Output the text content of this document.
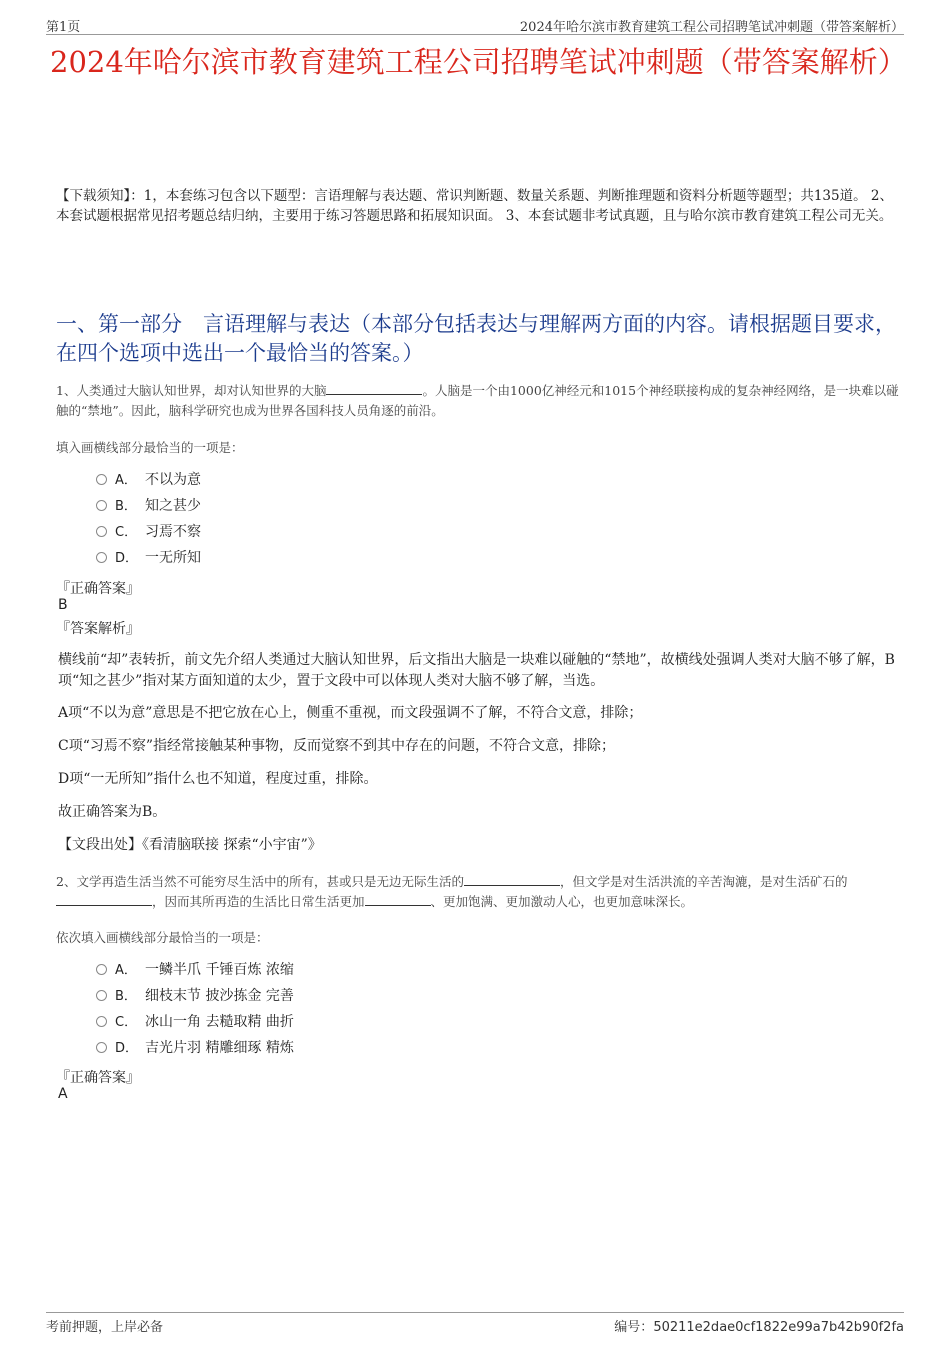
第1页	2024年哈尔滨市教育建筑工程公司招聘笔试冲刺题（带答案解析）
2024年哈尔滨市教育建筑工程公司招聘笔试冲刺题（带答案解析）
【下载须知】：1，本套练习包含以下题型：言语理解与表达题、常识判断题、数量关系题、判断推理题和资料分析题等题型；共135道。 2、本套试题根据常见招考题总结归纳，主要用于练习答题思路和拓展知识面。 3、本套试题非考试真题，且与哈尔滨市教育建筑工程公司无关。
一、第一部分　言语理解与表达（本部分包括表达与理解两方面的内容。请根据题目要求，在四个选项中选出一个最恰当的答案。）
1、人类通过大脑认知世界，却对认知世界的大脑	。人脑是一个由1000亿神经元和1015个神经联接构成的复杂神经网络，是一块难以碰触的“禁地”。因此，脑科学研究也成为世界各国科技人员角逐的前沿。
填入画横线部分最恰当的一项是：
A． 不以为意
B． 知之甚少
C． 习焉不察
D． 一无所知
『正确答案』
B
『答案解析』
横线前“却”表转折，前文先介绍人类通过大脑认知世界，后文指出大脑是一块难以碰触的“禁地”，故横线处强调人类对大脑不够了解，B项“知之甚少”指对某方面知道的太少，置于文段中可以体现人类对大脑不够了解，当选。
A项“不以为意”意思是不把它放在心上，侧重不重视，而文段强调不了解，不符合文意，排除；
C项“习焉不察”指经常接触某种事物，反而觉察不到其中存在的问题，不符合文意，排除；
D项“一无所知”指什么也不知道，程度过重，排除。
故正确答案为B。
【文段出处】《看清脑联接 探索“小宇宙”》
2、文学再造生活当然不可能穷尽生活中的所有，甚或只是无边无际生活的	，但文学是对生活洪流的辛苦淘漉，是对生活矿石的，因而其所再造的生活比日常生活更加	、更加饱满、更加激动人心，也更加意味深长。
依次填入画横线部分最恰当的一项是：
A． 一鳞半爪 千锤百炼 浓缩
B． 细枝末节 披沙拣金 完善
C． 冰山一角 去糙取精 曲折
D． 吉光片羽 精雕细琢 精炼
『正确答案』
A
考前押题，上岸必备	编号：50211e2dae0cf1822e99a7b42b90f2fa
